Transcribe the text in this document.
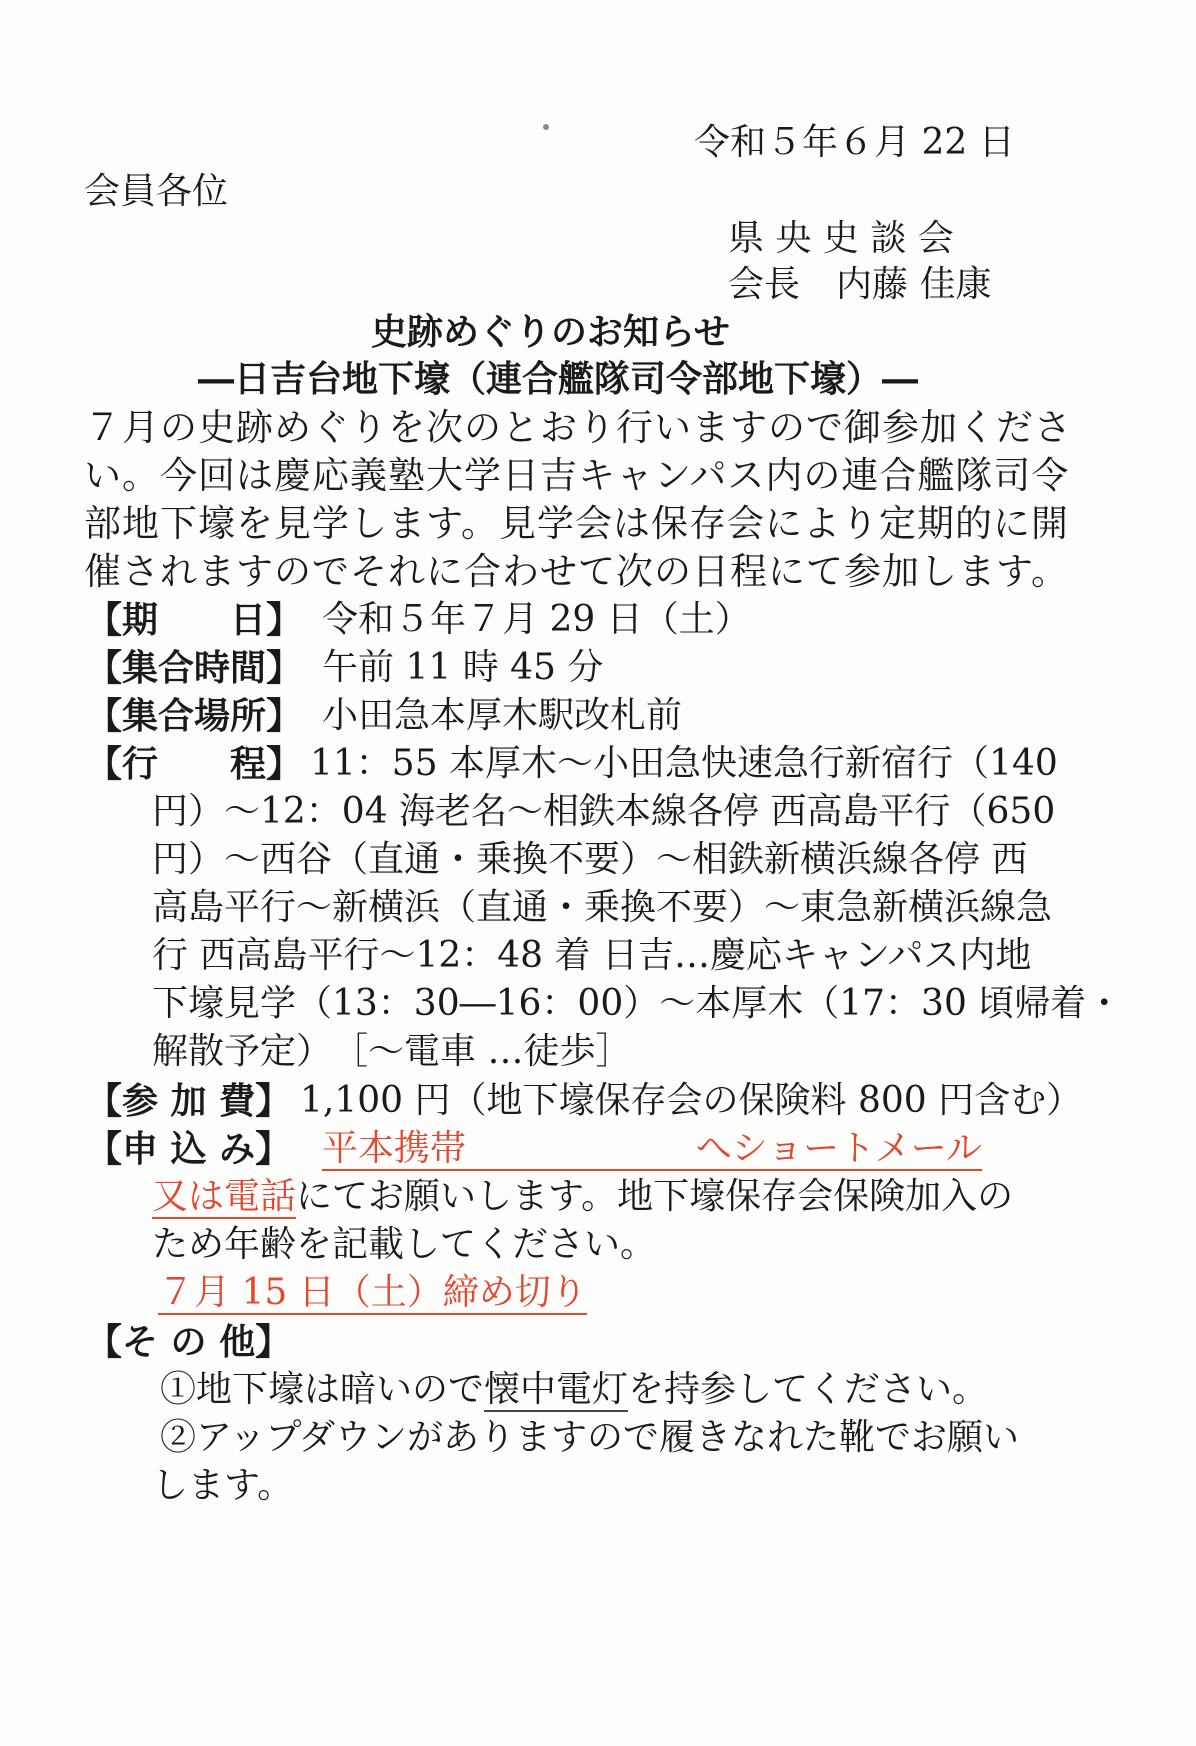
令和５年６月 22 日
会員各位
県 央 史 談 会
会長　内藤 佳康
史跡めぐりのお知らせ
―日吉台地下壕（連合艦隊司令部地下壕）―
７月の史跡めぐりを次のとおり行いますので御参加くださ
い。今回は慶応義塾大学日吉キャンパス内の連合艦隊司令
部地下壕を見学します。見学会は保存会により定期的に開
催されますのでそれに合わせて次の日程にて参加します。
【期　　日】 令和５年７月 29 日（土）
【集合時間】 午前 11 時 45 分
【集合場所】 小田急本厚木駅改札前
【行　　程】 11：55 本厚木～小田急快速急行新宿行（140
円）～12：04 海老名～相鉄本線各停 西高島平行（650
円）～西谷（直通・乗換不要）～相鉄新横浜線各停 西
高島平行～新横浜（直通・乗換不要）～東急新横浜線急
行 西高島平行～12：48 着 日吉…慶応キャンパス内地
下壕見学（13：30―16：00）～本厚木（17：30 頃帰着・
解散予定）　［～電車 …徒歩］
【参 加 費】 1,100 円（地下壕保存会の保険料 800 円含む）
【申 込 み】 平本携帯	へショートメール
又は電話にてお願いします。地下壕保存会保険加入の
ため年齢を記載してください。
７月 15 日（土）締め切り
【そ の 他】
①地下壕は暗いので懐中電灯を持参してください。
②アップダウンがありますので履きなれた靴でお願い
します。
